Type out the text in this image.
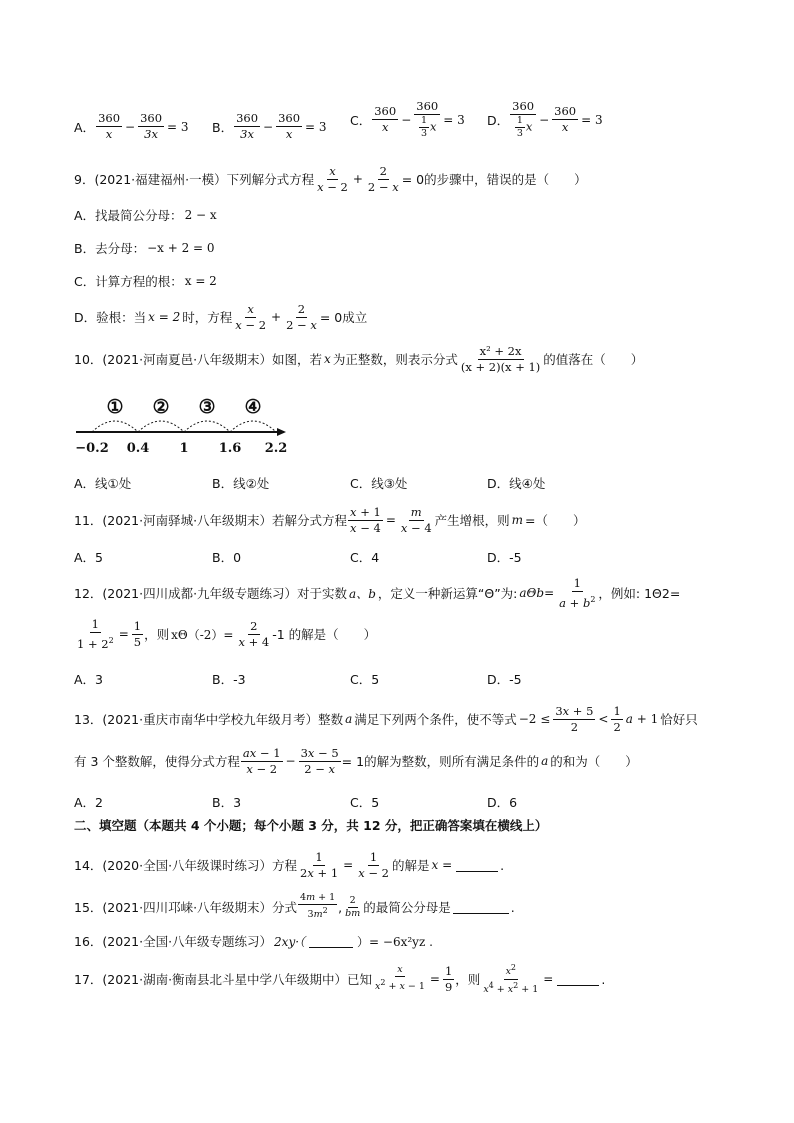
A． $\frac{360}{x} - \frac{360}{3x} = 3$ B． $\frac{360}{3x} - \frac{360}{x} = 3$ C． $\frac{360}{x} - \frac{360}{\frac{1}{3} x} = 3$ D． $\frac{360}{\frac{1}{3} x} - \frac{360}{x} = 3$
9．(2021·福建福州·一模）下列解分式方程 $\frac{x}{x - 2} + \frac{2}{2 - x} = 0$的步骤中，错误的是（　　）
A．找最简公分母： 2 − x
B．去分母： −x + 2 = 0
C．计算方程的根： x = 2
D．验根：当 x = 2 时，方程 $\frac{x}{x - 2} + \frac{2}{2 - x} = 0$成立
10．(2021·河南夏邑·八年级期末）如图，若 x 为正整数，则表示分式 $\frac{\text{x² + 2x}}{(x + 2)(x + 1)}$ 的值落在（　　）
① ② ③ ④
−0.2 0.4 1 1.6 2.2
A．线①处	B．线②处	C．线③处	D．线④处
11．(2021·河南驿城·八年级期末）若解分式方程 $\frac{x + 1}{x - 4} = \frac{m}{x - 4}$ 产生增根，则 m =（　　）
A．5	B．0	C．4	D．-5
12．(2021·四川成都·九年级专题练习）对于实数 a、b ，定义一种新运算“Θ”为: $a\Theta b= \frac{1}{a + b^2}$ ，例如: 1Θ2=
$\frac{1}{1 + 2^2} = \frac{1}{5}$ ，则 $x\Theta(-2)= \frac{2}{x + 4} -1$ 的解是（　　）
A．3	B．-3	C．5	D．-5
13．(2021·重庆市南华中学校九年级月考）整数 a 满足下列两个条件，使不等式 $-2 \le \frac{3x + 5}{2} < \frac{1}{2}$ a + 1 恰好只
有 3 个整数解，使得分式方程 $\frac{ax - 1}{x - 2} - \frac{3x - 5}{2 - x} = 1$的解为整数，则所有满足条件的 a 的和为（　　）
A．2	B．3	C．5	D．6
二、填空题（本题共 4 个小题；每个小题 3 分，共 12 分，把正确答案填在横线上）
14．(2020·全国·八年级课时练习）方程 $\frac{1}{2x + 1} = \frac{1}{x - 2}$ 的解是 x =	.
15．(2021·四川邛崃·八年级期末）分式 $\frac{4m + 1}{3m^2}$ , $\frac{2}{bm}$ 的最简公分母是	.
16．(2021·全国·八年级专题练习） 2xy·（	）= −6x²yz .
17．(2021·湖南·衡南县北斗星中学八年级期中）已知 $\frac{x}{x^2 + x - 1} = \frac{1}{9}$ ，则 $\frac{x^2}{x^4 + x^2 + 1}$ =	.
